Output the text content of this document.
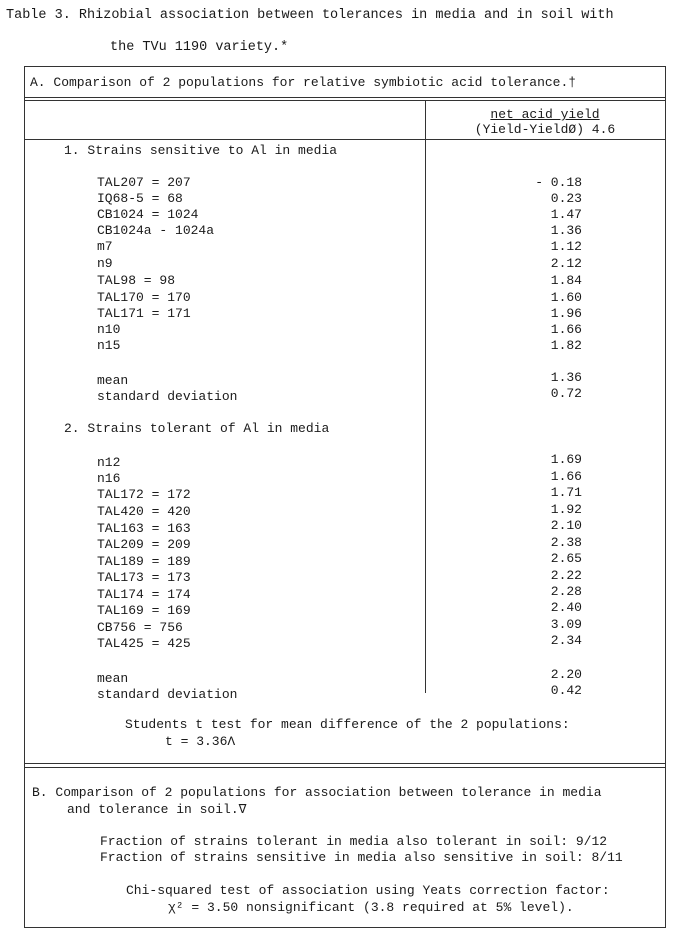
Table 3. Rhizobial association between tolerances in media and in soil with
the TVu 1190 variety.*
A. Comparison of 2 populations for relative symbiotic acid tolerance.†
net acid yield
(Yield-YieldØ) 4.6
1. Strains sensitive to Al in media
TAL207 = 207	- 0.18
IQ68-5 = 68	0.23
CB1024 = 1024	1.47
CB1024a - 1024a	1.36
m7	1.12
n9	2.12
TAL98 = 98	1.84
TAL170 = 170	1.60
TAL171 = 171	1.96
n10	1.66
n15	1.82
mean	1.36
standard deviation	0.72
2. Strains tolerant of Al in media
n12	1.69
n16	1.66
TAL172 = 172	1.71
TAL420 = 420	1.92
TAL163 = 163	2.10
TAL209 = 209	2.38
TAL189 = 189	2.65
TAL173 = 173	2.22
TAL174 = 174	2.28
TAL169 = 169	2.40
CB756 = 756	3.09
TAL425 = 425	2.34
mean	2.20
standard deviation	0.42
Students t test for mean difference of the 2 populations:
t = 3.36Λ
B. Comparison of 2 populations for association between tolerance in media
and tolerance in soil.∇
Fraction of strains tolerant in media also tolerant in soil: 9/12
Fraction of strains sensitive in media also sensitive in soil: 8/11
Chi-squared test of association using Yeats correction factor:
χ² = 3.50 nonsignificant (3.8 required at 5% level).
